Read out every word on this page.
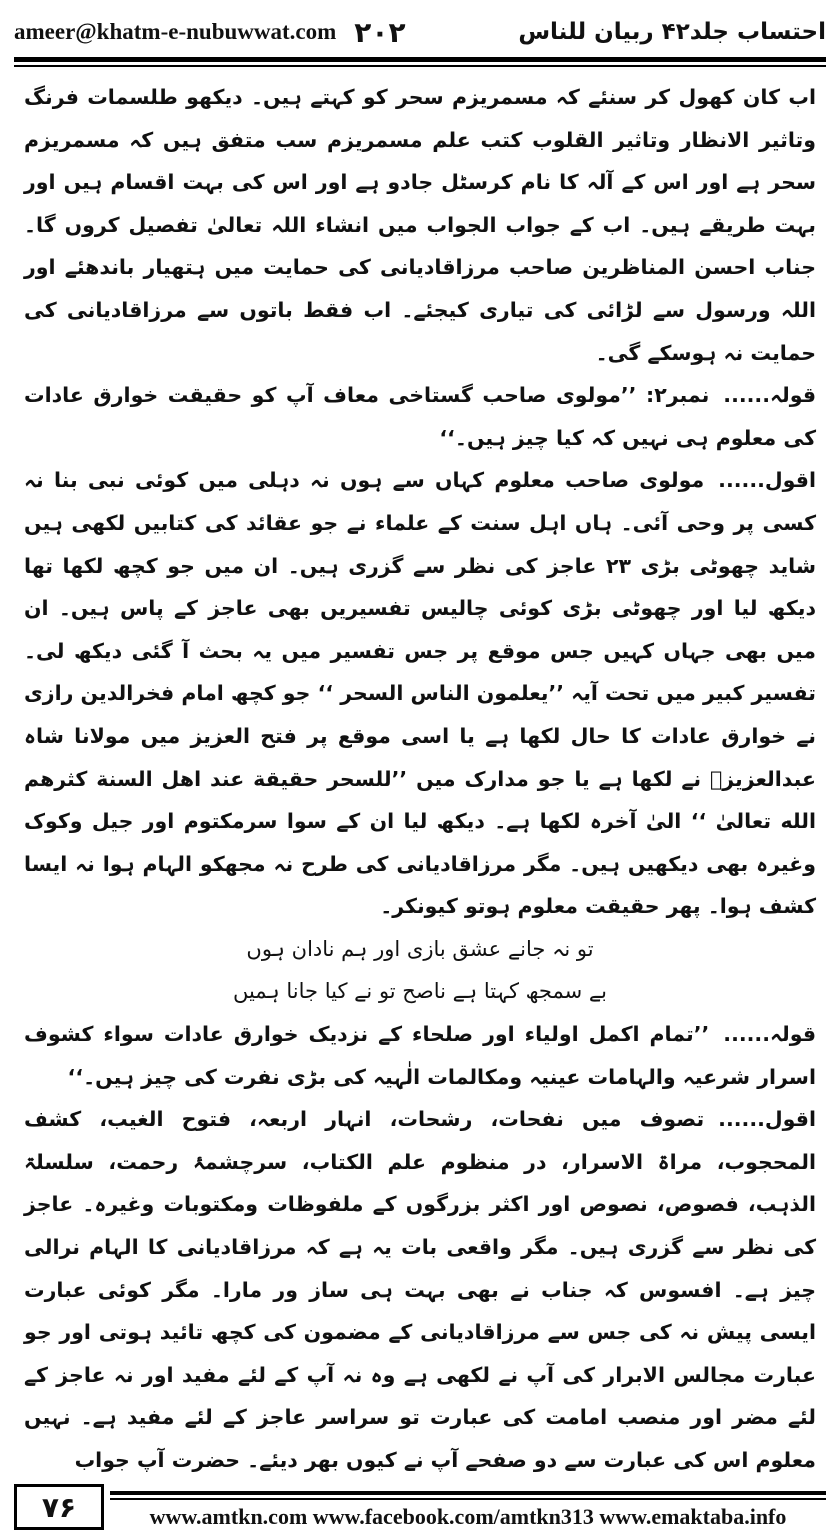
ameer@khatm-e-nubuwwat.com ۲۰۲	احتساب جلد۴۲ ربیان للناس

اب کان کھول کر سنئے کہ مسمریزم سحر کو کہتے ہیں۔ دیکھو طلسمات فرنگ وتاثیر الانظار وتاثیر القلوب کتب علم مسمریزم سب متفق ہیں کہ مسمریزم سحر ہے اور اس کے آلہ کا نام کرسٹل جادو ہے اور اس کی بہت اقسام ہیں اور بہت طریقے ہیں۔ اب کے جواب الجواب میں انشاء اللہ تعالیٰ تفصیل کروں گا۔ جناب احسن المناظرین صاحب مرزاقادیانی کی حمایت میں ہتھیار باندھئے اور اللہ ورسول سے لڑائی کی تیاری کیجئے۔ اب فقط باتوں سے مرزاقادیانی کی حمایت نہ ہوسکے گی۔

قولہ......نمبر۲: ’’مولوی صاحب گستاخی معاف آپ کو حقیقت خوارق عادات کی معلوم ہی نہیں کہ کیا چیز ہیں۔‘‘

اقول......مولوی صاحب معلوم کہاں سے ہوں نہ دہلی میں کوئی نبی بنا نہ کسی پر وحی آئی۔ ہاں اہل سنت کے علماء نے جو عقائد کی کتابیں لکھی ہیں شاید چھوٹی بڑی ۲۳ عاجز کی نظر سے گزری ہیں۔ ان میں جو کچھ لکھا تھا دیکھ لیا اور چھوٹی بڑی کوئی چالیس تفسیریں بھی عاجز کے پاس ہیں۔ ان میں بھی جہاں کہیں جس موقع پر جس تفسیر میں یہ بحث آ گئی دیکھ لی۔ تفسیر کبیر میں تحت آیہ ’’یعلمون الناس السحر ‘‘ جو کچھ امام فخرالدین رازی نے خوارق عادات کا حال لکھا ہے یا اسی موقع پر فتح العزیز میں مولانا شاہ عبدالعزیزؒ نے لکھا ہے یا جو مدارک میں ’’للسحر حقیقة عند اهل السنة كثرهم الله تعالىٰ ‘‘ الیٰ آخرہ لکھا ہے۔ دیکھ لیا ان کے سوا سرمکتوم اور جیل وکوک وغیرہ بھی دیکھیں ہیں۔ مگر مرزاقادیانی کی طرح نہ مجھکو الہام ہوا نہ ایسا کشف ہوا۔ پھر حقیقت معلوم ہوتو کیونکر۔

تو نہ جانے عشق بازی اور ہم نادان ہوں

بے سمجھ کہتا ہے ناصح تو نے کیا جانا ہمیں

قولہ......’’تمام اکمل اولیاء اور صلحاء کے نزدیک خوارق عادات سواء کشوف اسرار شرعیہ والہامات عینیہ ومکالمات الٰہیہ کی بڑی نفرت کی چیز ہیں۔‘‘

اقول......تصوف میں نفحات، رشحات، انہار اربعہ، فتوح الغیب، کشف المحجوب، مراۃ الاسرار، در منظوم علم الکتاب، سرچشمۂ رحمت، سلسلۃ الذہب، فصوص، نصوص اور اکثر بزرگوں کے ملفوظات ومکتوبات وغیرہ۔ عاجز کی نظر سے گزری ہیں۔ مگر واقعی بات یہ ہے کہ مرزاقادیانی کا الہام نرالی چیز ہے۔ افسوس کہ جناب نے بھی بہت ہی ساز ور مارا۔ مگر کوئی عبارت ایسی پیش نہ کی جس سے مرزاقادیانی کے مضمون کی کچھ تائید ہوتی اور جو عبارت مجالس الابرار کی آپ نے لکھی ہے وہ نہ آپ کے لئے مفید اور نہ عاجز کے لئے مضر اور منصب امامت کی عبارت تو سراسر عاجز کے لئے مفید ہے۔ نہیں معلوم اس کی عبارت سے دو صفحے آپ نے کیوں بھر دیئے۔ حضرت آپ جواب

۷۶	www.amtkn.com www.facebook.com/amtkn313 www.emaktaba.info
